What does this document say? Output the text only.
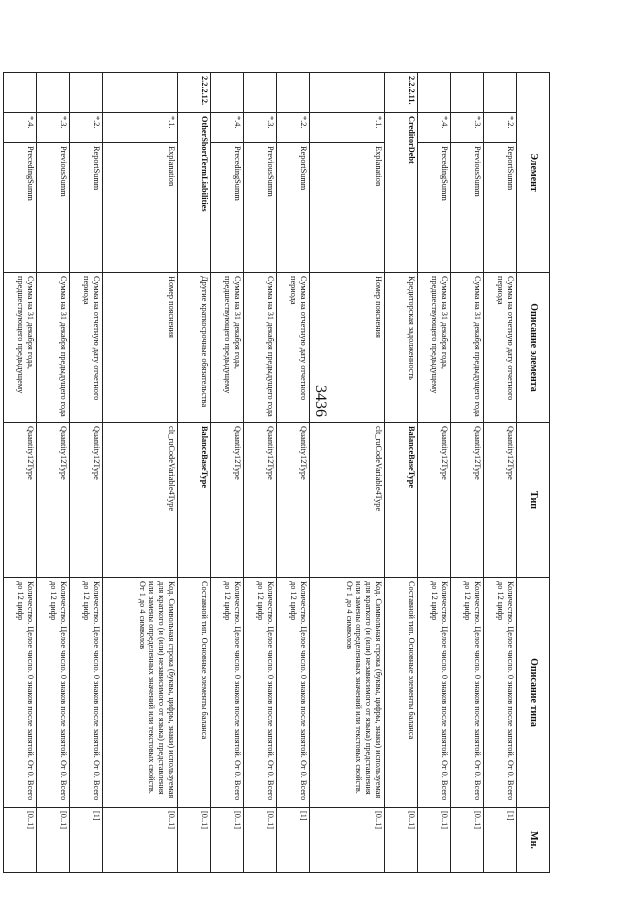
3436
Элемент			Описание элемента	Тип	Описание типа	Мн.
	*.2.	ReportSumm	Сумма на отчетную дату отчетного периода	Quantity12Type	Количество. Целое число. 0 знаков после запятой. От 0. Всего до 12 цифр	[1]
	*.3.	PreviousSumm	Сумма на 31 декабря предыдущего года	Quantity12Type	Количество. Целое число. 0 знаков после запятой. От 0. Всего до 12 цифр	[0..1]
	*.4.	PrecedingSumm	Сумма на 31 декабря года, предшествующего предыдущему	Quantity12Type	Количество. Целое число. 0 знаков после запятой. От 0. Всего до 12 цифр	[0..1]
2.2.2.11.	CreditorDebt		Кредиторская задолженность	BalanceBaseType	Составной тип. Основные элементы баланса	[0..1]
	*.1.	Explanation	Номер пояснения	clt_ruCodeVariable4Type	Код. Символьная строка (буквы, цифры, знаки) используемая для краткого (и (или) независимого от языка) представления или замены определенных значений или текстовых свойств. От 1 до 4 символов	[0..1]
	*.2.	ReportSumm	Сумма на отчетную дату отчетного периода	Quantity12Type	Количество. Целое число. 0 знаков после запятой. От 0. Всего до 12 цифр	[1]
	*.3.	PreviousSumm	Сумма на 31 декабря предыдущего года	Quantity12Type	Количество. Целое число. 0 знаков после запятой. От 0. Всего до 12 цифр	[0..1]
	*.4.	PrecedingSumm	Сумма на 31 декабря года, предшествующего предыдущему	Quantity12Type	Количество. Целое число. 0 знаков после запятой. От 0. Всего до 12 цифр	[0..1]
2.2.2.12.	OtherShortTermLiabilities		Другие краткосрочные обязательства	BalanceBaseType	Составной тип. Основные элементы баланса	[0..1]
	*.1.	Explanation	Номер пояснения	clt_ruCodeVariable4Type	Код. Символьная строка (буквы, цифры, знаки) используемая для краткого (и (или) независимого от языка) представления или замены определенных значений или текстовых свойств. От 1 до 4 символов	[0..1]
	*.2.	ReportSumm	Сумма на отчетную дату отчетного периода	Quantity12Type	Количество. Целое число. 0 знаков после запятой. От 0. Всего до 12 цифр	[1]
	*.3.	PreviousSumm	Сумма на 31 декабря предыдущего года	Quantity12Type	Количество. Целое число. 0 знаков после запятой. От 0. Всего до 12 цифр	[0..1]
	*.4.	PrecedingSumm	Сумма на 31 декабря года, предшествующего предыдущему	Quantity12Type	Количество. Целое число. 0 знаков после запятой. От 0. Всего до 12 цифр	[0..1]
